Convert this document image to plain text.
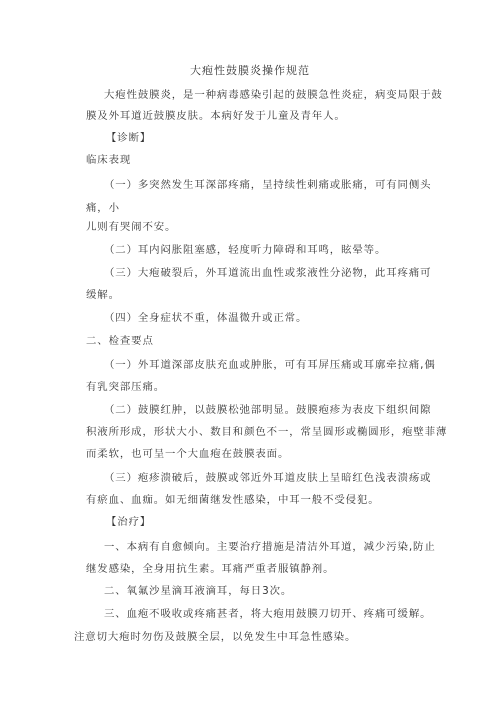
大疱性鼓膜炎操作规范
大疱性鼓膜炎，是一种病毒感染引起的鼓膜急性炎症，病变局限于鼓
膜及外耳道近鼓膜皮肤。本病好发于儿童及青年人。
【诊断】
临床表现
（一）多突然发生耳深部疼痛，呈持续性剌痛或胀痛，可有同侧头
痛，小
儿则有哭闹不安。
（二）耳内闷胀阻塞感，轻度听力障碍和耳鸣，眩晕等。
（三）大疱破裂后，外耳道流出血性或浆液性分泌物，此耳疼痛可
缓解。
（四）全身症状不重，体温微升或正常。
二、检查要点
（一）外耳道深部皮肤充血或肿胀，可有耳屏压痛或耳廓牵拉痛,偶
有乳突部压痛。
（二）鼓膜红肿，以鼓膜松弛部明显。鼓膜疱疹为表皮下组织间隙
积液所形成，形状大小、数目和颜色不一，常呈圆形或椭圆形，疱壁菲薄
而柔软，也可呈一个大血疱在鼓膜表面。
（三）疱疹溃破后，鼓膜或邻近外耳道皮肤上呈暗红色浅表溃疡或
有瘀血、血痂。如无细菌继发性感染，中耳一般不受侵犯。
【治疗】
一、本病有自愈倾向。主要治疗措施是清洁外耳道，减少污染,防止
继发感染，全身用抗生素。耳痛严重者服镇静剂。
二、氧氟沙星滴耳液滴耳，每日3次。
三、血疱不吸收或疼痛甚者，将大疱用鼓膜刀切开、疼痛可缓解。
注意切大疱时勿伤及鼓膜全层，以免发生中耳急性感染。
